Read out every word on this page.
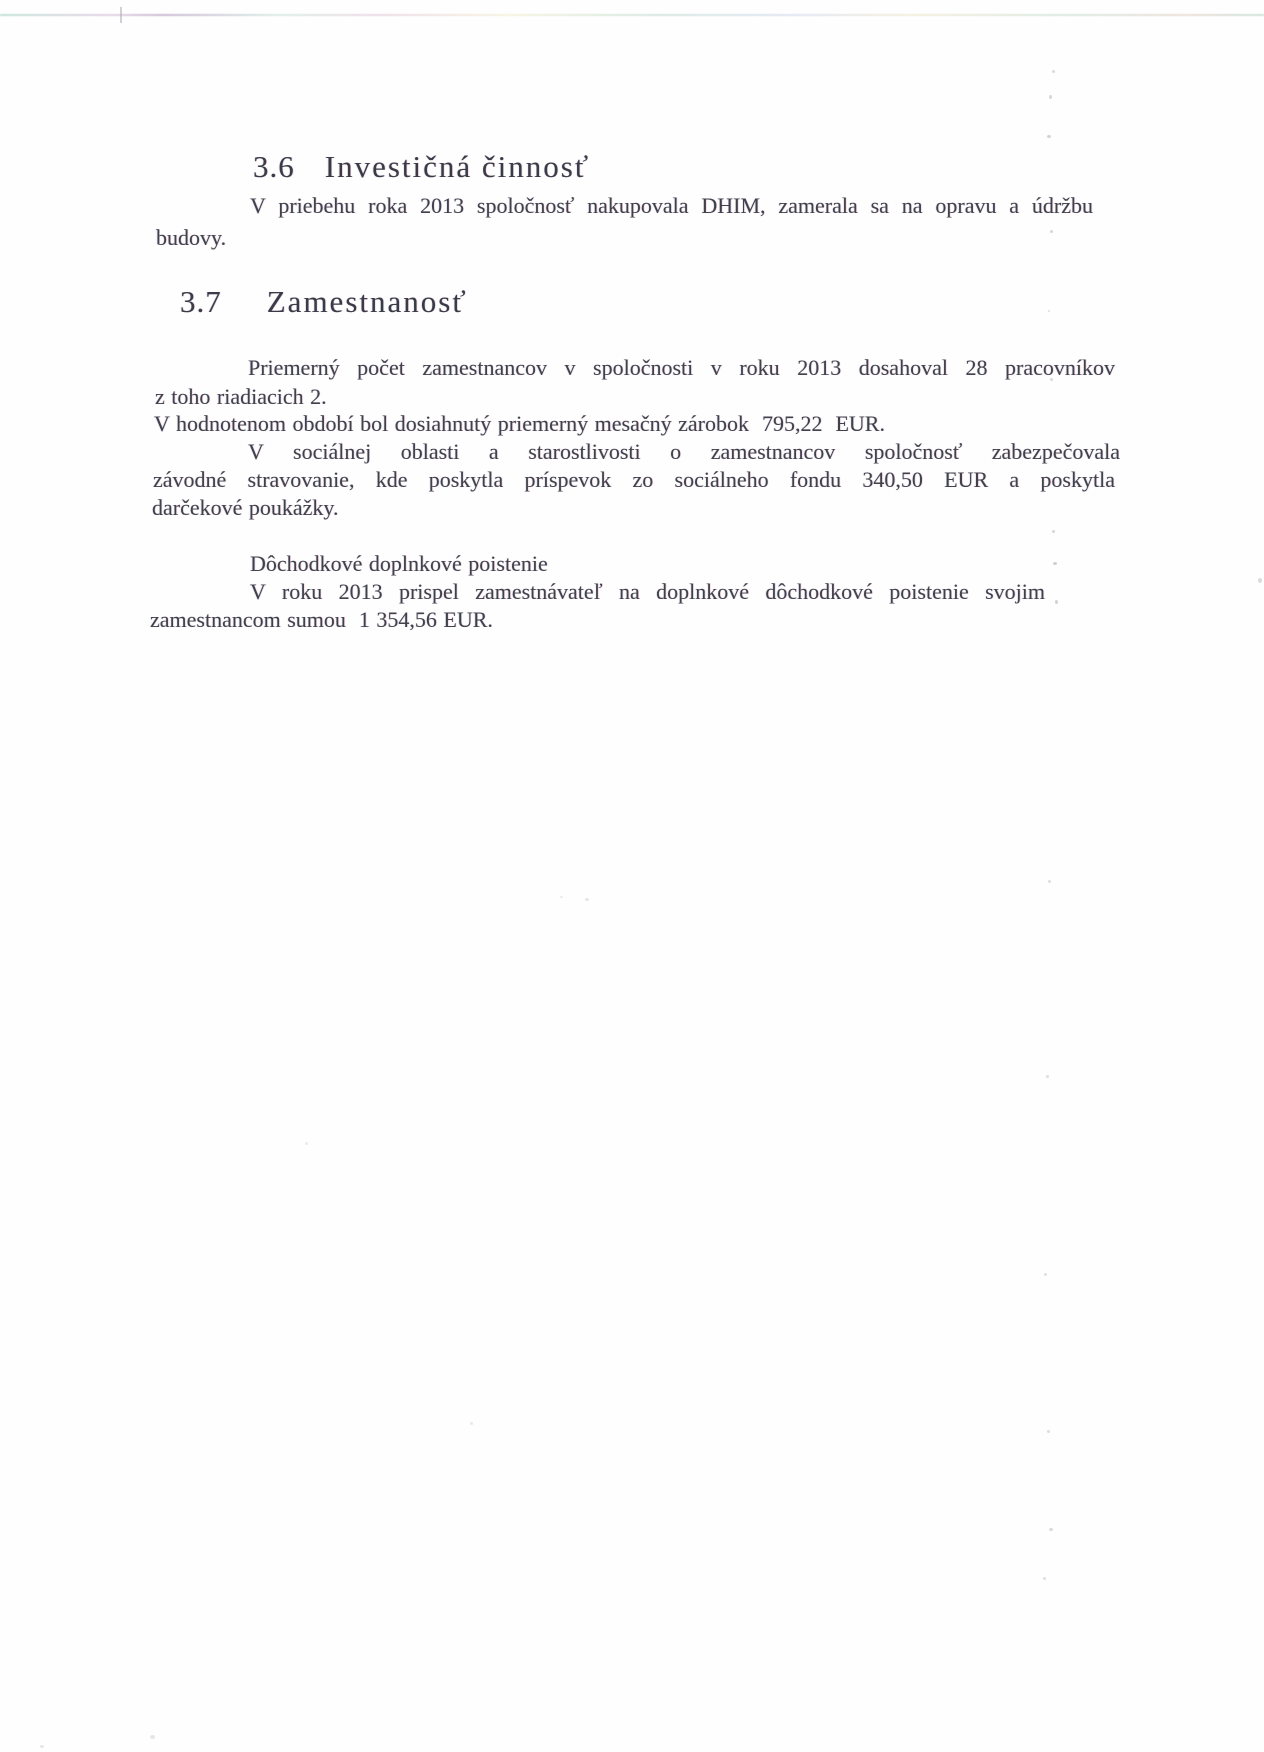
3.6 Investičná činnosť
V priebehu roka 2013 spoločnosť nakupovala DHIM, zamerala sa na opravu a údržbu
budovy.
3.7 Zamestnanosť
Priemerný počet zamestnancov v spoločnosti v roku 2013 dosahoval 28 pracovníkov
z toho riadiacich 2.
V hodnotenom období bol dosiahnutý priemerný mesačný zárobok  795,22  EUR.
V sociálnej oblasti a starostlivosti o zamestnancov spoločnosť zabezpečovala
závodné stravovanie, kde poskytla príspevok zo sociálneho fondu 340,50 EUR a poskytla
darčekové poukážky.
Dôchodkové doplnkové poistenie
V roku 2013 prispel zamestnávateľ na doplnkové dôchodkové poistenie svojim
zamestnancom sumou  1 354,56 EUR.
